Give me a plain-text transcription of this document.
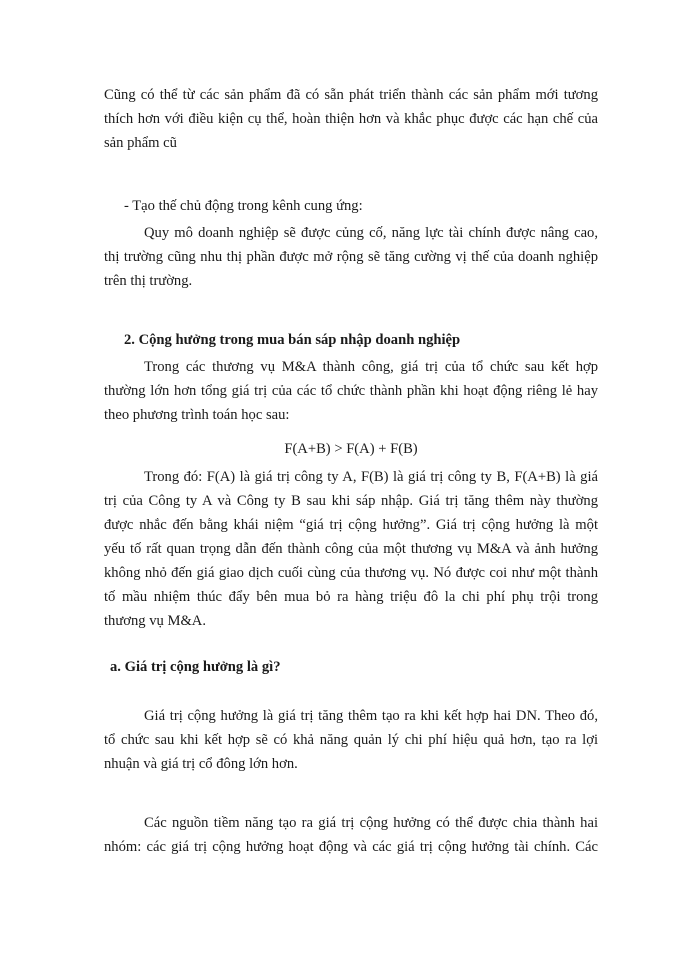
Cũng có thể từ các sản phẩm đã có sẵn phát triển thành các sản phẩm mới tương
thích hơn với điều kiện cụ thể, hoàn thiện hơn và khắc phục được các hạn chế của
sản phẩm cũ
- Tạo thế chủ động trong kênh cung ứng:
Quy mô doanh nghiệp sẽ được củng cố, năng lực tài chính được nâng cao,
thị trường cũng nhu thị phần được mở rộng sẽ tăng cường vị thế của doanh nghiệp
trên thị trường.
2. Cộng hưởng trong mua bán sáp nhập doanh nghiệp
Trong các thương vụ M&A thành công, giá trị của tổ chức sau kết hợp
thường lớn hơn tổng giá trị của các tổ chức thành phần khi hoạt động riêng lẻ hay
theo phương trình toán học sau:
F(A+B) > F(A) + F(B)
Trong đó: F(A) là giá trị công ty A, F(B) là giá trị công ty B, F(A+B) là giá
trị của Công ty A và Công ty B sau khi sáp nhập. Giá trị tăng thêm này thường
được nhắc đến bằng khái niệm “giá trị cộng hưởng”. Giá trị cộng hưởng là một
yếu tố rất quan trọng dẫn đến thành công của một thương vụ M&A và ảnh hưởng
không nhỏ đến giá giao dịch cuối cùng của thương vụ. Nó được coi như một thành
tố mầu nhiệm thúc đẩy bên mua bỏ ra hàng triệu đô la chi phí phụ trội trong
thương vụ M&A.
a. Giá trị cộng hưởng là gì?
Giá trị cộng hưởng là giá trị tăng thêm tạo ra khi kết hợp hai DN. Theo đó,
tổ chức sau khi kết hợp sẽ có khả năng quản lý chi phí hiệu quả hơn, tạo ra lợi
nhuận và giá trị cổ đông lớn hơn.
Các nguồn tiềm năng tạo ra giá trị cộng hưởng có thể được chia thành hai
nhóm: các giá trị cộng hưởng hoạt động và các giá trị cộng hưởng tài chính. Các
